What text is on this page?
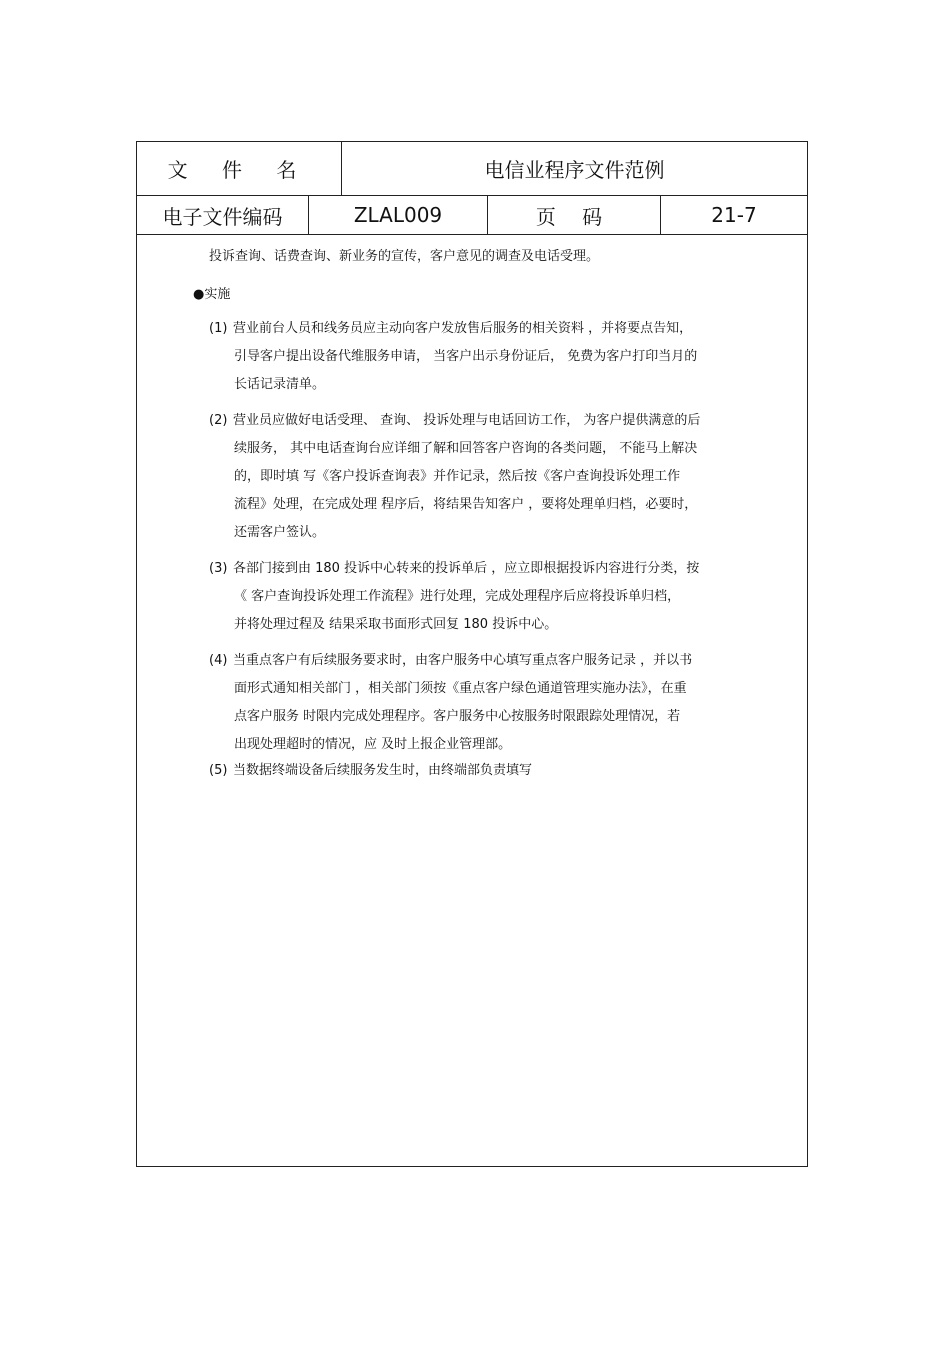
文 件 名	电信业程序文件范例
电子文件编码	ZLAL009	页 码	21-7
投诉查询、话费查询、新业务的宣传，客户意见的调查及电话受理。
●实施
(1) 营业前台人员和线务员应主动向客户发放售后服务的相关资料 ，并将要点告知，
引导客户提出设备代维服务申请， 当客户出示身份证后， 免费为客户打印当月的
长话记录清单。
(2) 营业员应做好电话受理、 查询、 投诉处理与电话回访工作， 为客户提供满意的后
续服务， 其中电话查询台应详细了解和回答客户咨询的各类问题， 不能马上解决
的，即时填 写《客户投诉查询表》并作记录，然后按《客户查询投诉处理工作
流程》处理，在完成处理 程序后，将结果告知客户 ，要将处理单归档，必要时，
还需客户签认。
(3) 各部门接到由 180 投诉中心转来的投诉单后 ，应立即根据投诉内容进行分类，按
《 客户查询投诉处理工作流程》进行处理，完成处理程序后应将投诉单归档，
并将处理过程及 结果采取书面形式回复 180 投诉中心。
(4) 当重点客户有后续服务要求时，由客户服务中心填写重点客户服务记录 ，并以书
面形式通知相关部门 ，相关部门须按《重点客户绿色通道管理实施办法》，在重
点客户服务 时限内完成处理程序。客户服务中心按服务时限跟踪处理情况，若
出现处理超时的情况，应 及时上报企业管理部。
(5) 当数据终端设备后续服务发生时，由终端部负责填写
